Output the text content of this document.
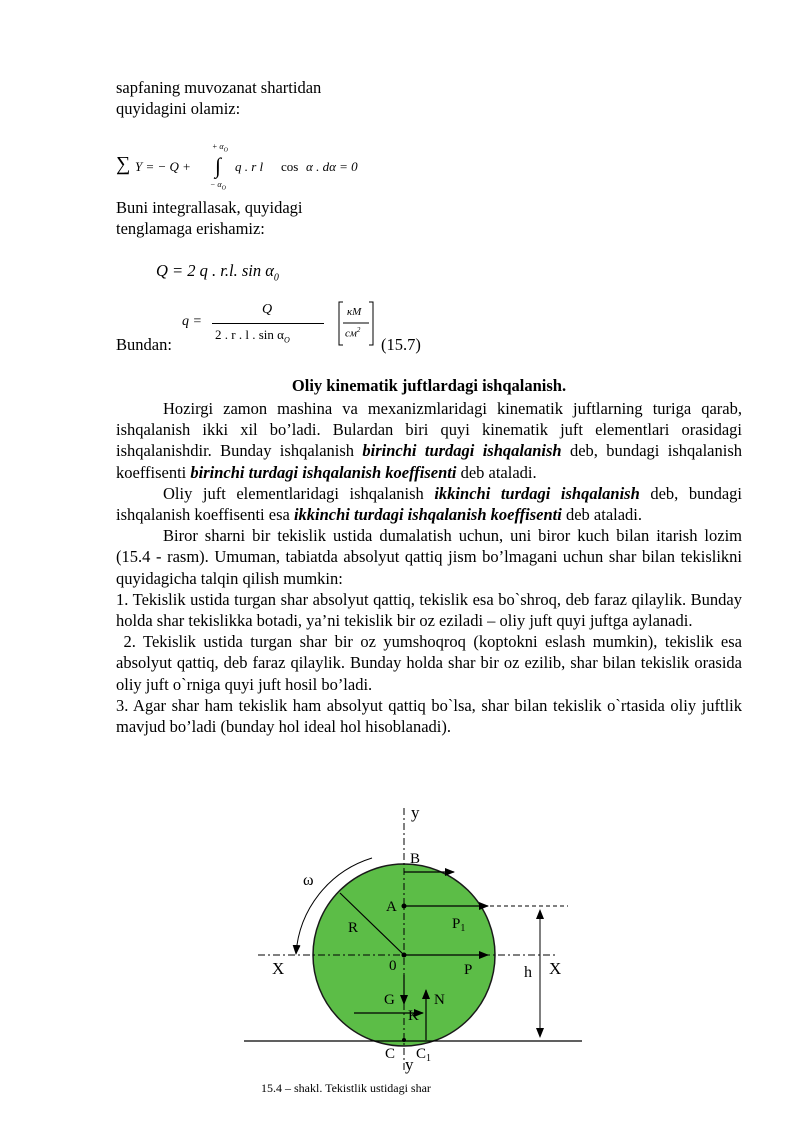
sapfaning muvozanat shartidan
quyidagini olamiz:
∑ Y = − Q + ∫
+ $\alpha_O$
− $\alpha_O$
q . r l cos α . dα = 0
Buni integrallasak, quyidagi
tenglamaga erishamiz:
Q = 2 q . r.l. $\sin \alpha_0$
Bundan:
q =
Q
2 . r . l . $\sin \alpha_O$
кМ
$см^2$
(15.7)
Oliy kinematik juftlardagi ishqalanish.
Hozirgi zamon mashina va mexanizmlaridagi kinematik juftlarning turiga qarab, ishqalanish ikki xil bo’ladi. Bulardan biri quyi kinematik juft elementlari orasidagi ishqalanishdir. Bunday ishqalanish birinchi turdagi ishqalanish deb, bundagi ishqalanish koeffisenti birinchi turdagi ishqalanish koeffisenti deb ataladi.
Oliy juft elementlaridagi ishqalanish ikkinchi turdagi ishqalanish deb, bundagi ishqalanish koeffisenti esa ikkinchi turdagi ishqalanish koeffisenti deb ataladi.
Biror sharni bir tekislik ustida dumalatish uchun, uni biror kuch bilan itarish lozim (15.4 - rasm). Umuman, tabiatda absolyut qattiq jism bo’lmagani uchun shar bilan tekislikni quyidagicha talqin qilish mumkin:
1. Tekislik ustida turgan shar absolyut qattiq, tekislik esa bo`shroq, deb faraz qilaylik. Bunday holda shar tekislikka botadi, ya’ni tekislik bir oz eziladi – oliy juft quyi juftga aylanadi.
2. Tekislik ustida turgan shar bir oz yumshoqroq (koptokni eslash mumkin), tekislik esa absolyut qattiq, deb faraz qilaylik. Bunday holda shar bir oz ezilib, shar bilan tekislik orasida oliy juft o`rniga quyi juft hosil bo’ladi.
3. Agar shar ham tekislik ham absolyut qattiq bo`lsa, shar bilan tekislik o`rtasida oliy juftlik mavjud bo’ladi (bunday hol ideal hol hisoblanadi).
у
B
ω
A
$P_1$
R
X	0	P	h X
G	N
K
C $C_1$
у
15.4 – shakl. Tekistlik ustidagi shar
